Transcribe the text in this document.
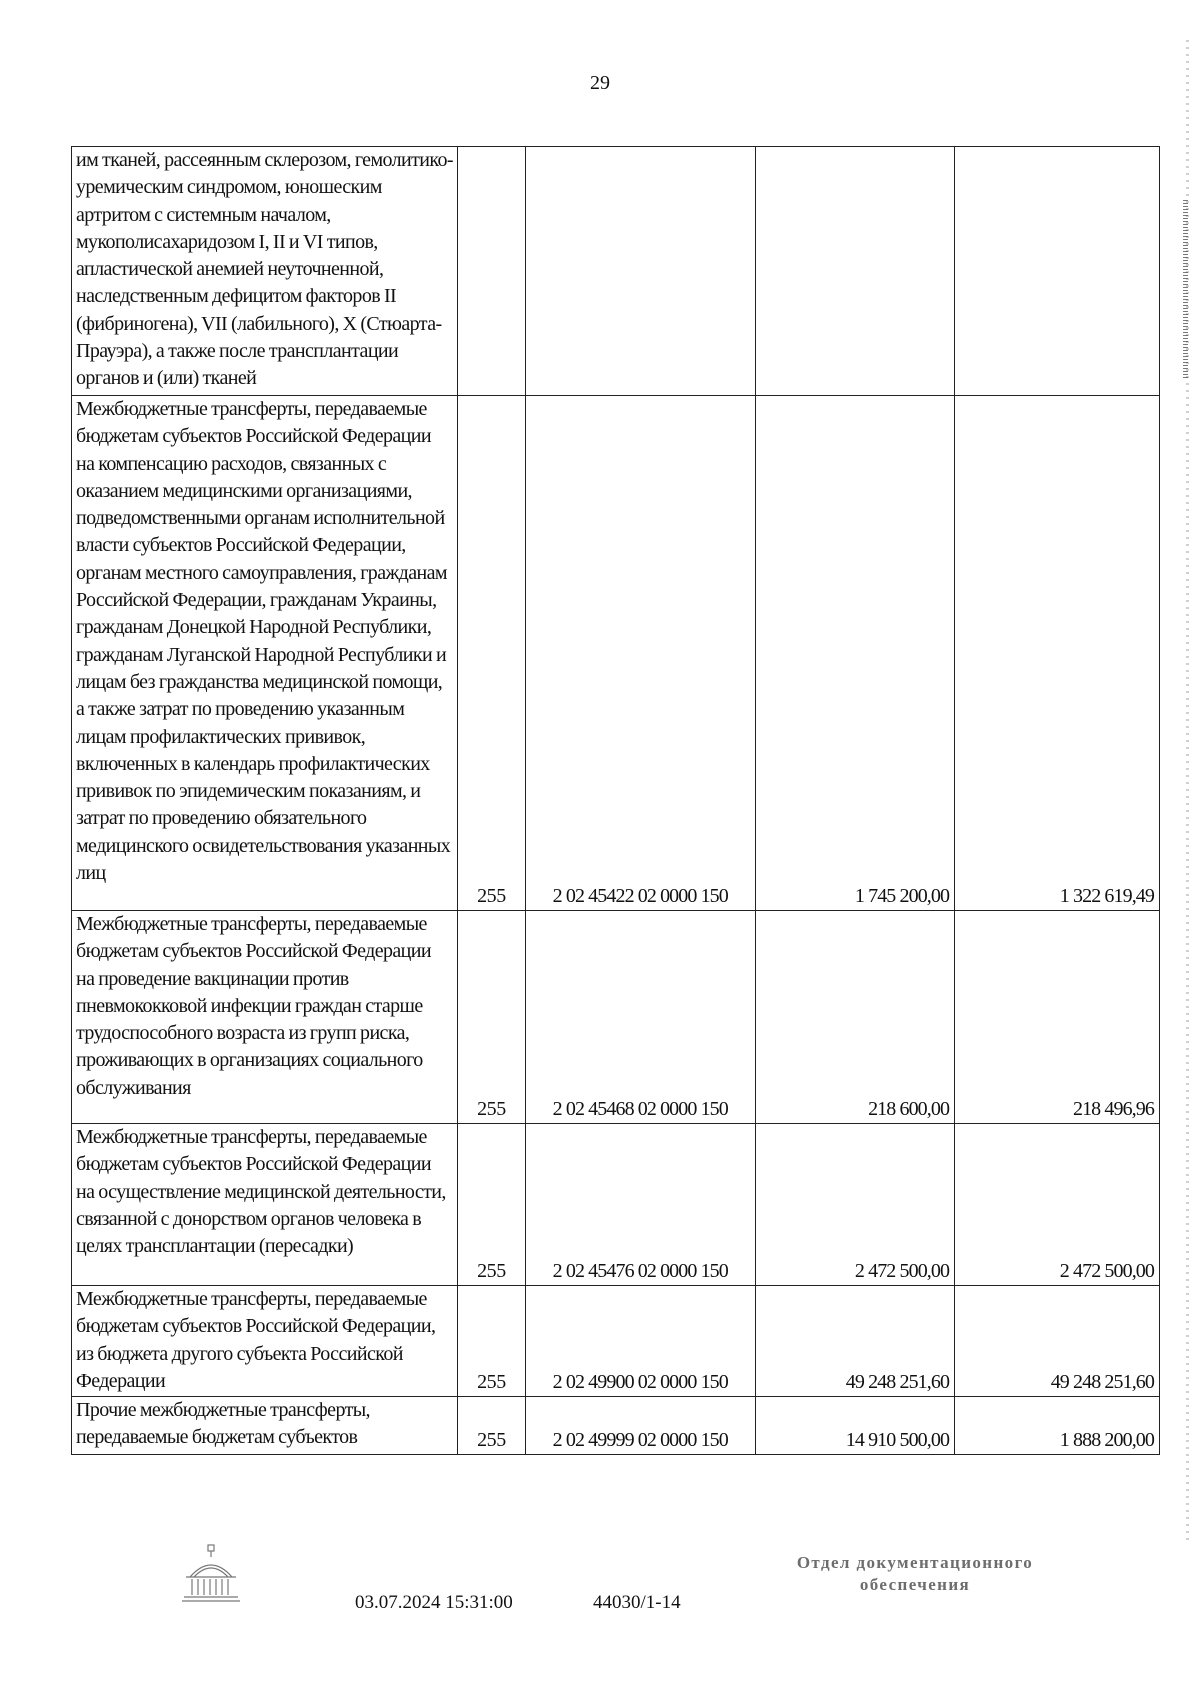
29
им тканей, рассеянным склерозом, гемолитико-уремическим синдромом, юношеским артритом с системным началом, мукополисахаридозом I, II и VI типов, апластической анемией неуточненной, наследственным дефицитом факторов II (фибриногена), VII (лабильного), X (Стюарта-Прауэра), а также после трансплантации органов и (или) тканей				

Межбюджетные трансферты, передаваемые бюджетам субъектов Российской Федерации на компенсацию расходов, связанных с оказанием медицинскими организациями, подведомственными органам исполнительной власти субъектов Российской Федерации, органам местного самоуправления, гражданам Российской Федерации, гражданам Украины, гражданам Донецкой Народной Республики, гражданам Луганской Народной Республики и лицам без гражданства медицинской помощи, а также затрат по проведению указанным лицам профилактических прививок, включенных в календарь профилактических прививок по эпидемическим показаниям, и затрат по проведению обязательного медицинского освидетельствования указанных лиц	255	2 02 45422 02 0000 150	1 745 200,00	1 322 619,49

Межбюджетные трансферты, передаваемые бюджетам субъектов Российской Федерации на проведение вакцинации против пневмококковой инфекции граждан старше трудоспособного возраста из групп риска, проживающих в организациях социального обслуживания	255	2 02 45468 02 0000 150	218 600,00	218 496,96

Межбюджетные трансферты, передаваемые бюджетам субъектов Российской Федерации на осуществление медицинской деятельности, связанной с донорством органов человека в целях трансплантации (пересадки)	255	2 02 45476 02 0000 150	2 472 500,00	2 472 500,00

Межбюджетные трансферты, передаваемые бюджетам субъектов Российской Федерации, из бюджета другого субъекта Российской Федерации	255	2 02 49900 02 0000 150	49 248 251,60	49 248 251,60

Прочие межбюджетные трансферты, передаваемые бюджетам субъектов	255	2 02 49999 02 0000 150	14 910 500,00	1 888 200,00
03.07.2024 15:31:00	44030/1-14
Отдел документационного
обеспечения
